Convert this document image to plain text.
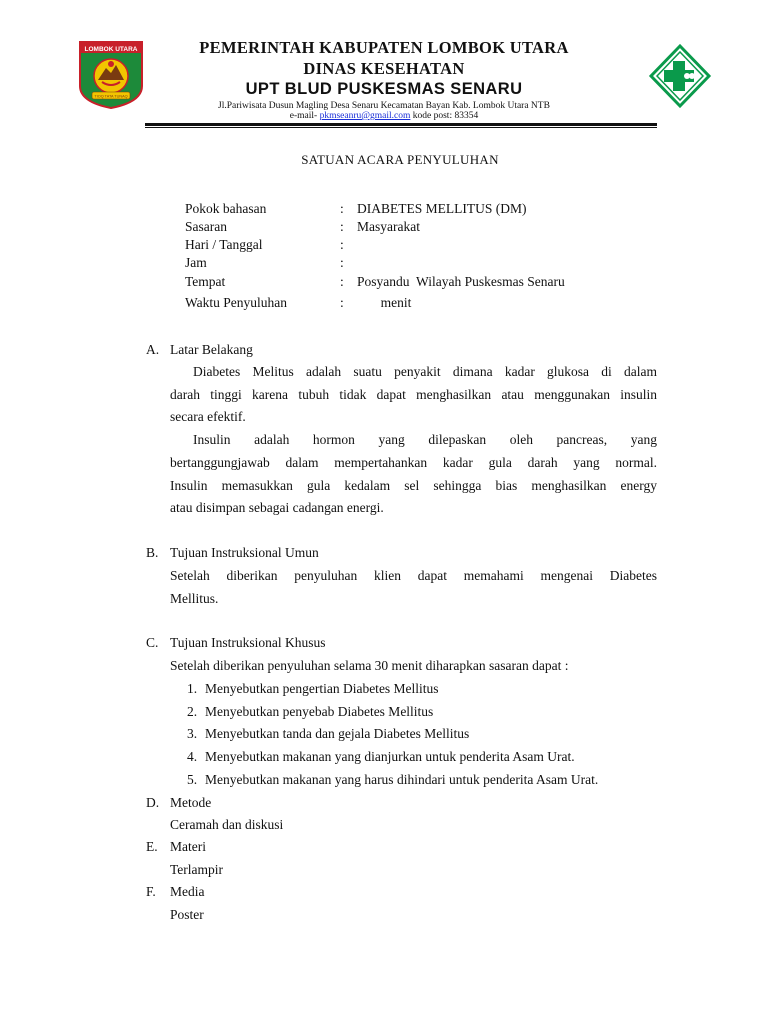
LOMBOK UTARA
TIOQ TATA TUNAQ
PEMERINTAH KABUPATEN LOMBOK UTARA
DINAS KESEHATAN
UPT BLUD PUSKESMAS SENARU
Jl.Pariwisata Dusun Magling Desa Senaru Kecamatan Bayan Kab. Lombok Utara NTB
e-mail- pkmseanru@gmail.com kode post: 83354
SATUAN ACARA PENYULUHAN
Pokok bahasan	: DIABETES MELLITUS (DM)
Sasaran	: Masyarakat
Hari / Tanggal	:
Jam	:
Tempat	: Posyandu  Wilayah Puskesmas Senaru
Waktu Penyuluhan	: menit
A. Latar Belakang
Diabetes Melitus adalah suatu penyakit dimana kadar glukosa di dalam
darah tinggi karena tubuh tidak dapat menghasilkan atau menggunakan insulin
secara efektif.
Insulin adalah hormon yang dilepaskan oleh pancreas, yang
bertanggungjawab dalam mempertahankan kadar gula darah yang normal.
Insulin memasukkan gula kedalam sel sehingga bias menghasilkan energy
atau disimpan sebagai cadangan energi.
B. Tujuan Instruksional Umun
Setelah diberikan penyuluhan klien dapat memahami mengenai Diabetes
Mellitus.
C. Tujuan Instruksional Khusus
Setelah diberikan penyuluhan selama 30 menit diharapkan sasaran dapat :
1. Menyebutkan pengertian Diabetes Mellitus
2. Menyebutkan penyebab Diabetes Mellitus
3. Menyebutkan tanda dan gejala Diabetes Mellitus
4. Menyebutkan makanan yang dianjurkan untuk penderita Asam Urat.
5. Menyebutkan makanan yang harus dihindari untuk penderita Asam Urat.
D. Metode
Ceramah dan diskusi
E. Materi
Terlampir
F. Media
Poster
